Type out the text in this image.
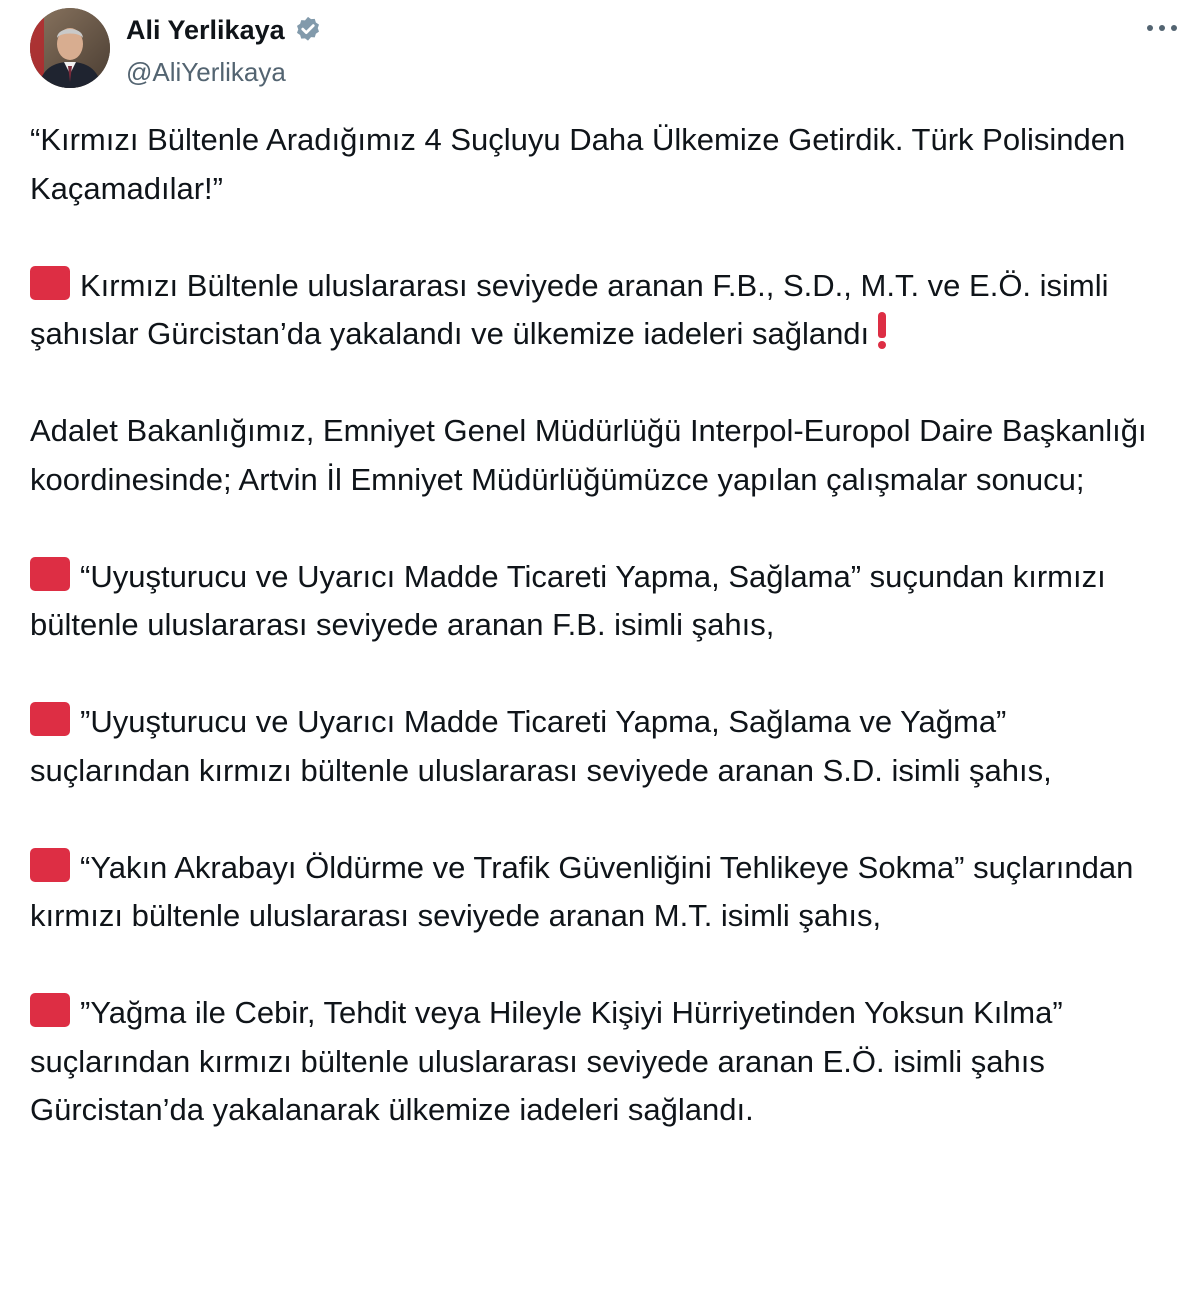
Ali Yerlikaya
@AliYerlikaya

“Kırmızı Bültenle Aradığımız 4 Suçluyu Daha Ülkemize Getirdik. Türk Polisinden Kaçamadılar!”

Kırmızı Bültenle uluslararası seviyede aranan F.B., S.D., M.T. ve E.Ö. isimli şahıslar Gürcistan’da yakalandı ve ülkemize iadeleri sağlandı

Adalet Bakanlığımız, Emniyet Genel Müdürlüğü Interpol-Europol Daire Başkanlığı koordinesinde; Artvin İl Emniyet Müdürlüğümüzce yapılan çalışmalar sonucu;

“Uyuşturucu ve Uyarıcı Madde Ticareti Yapma, Sağlama” suçundan kırmızı bültenle uluslararası seviyede aranan F.B. isimli şahıs,

”Uyuşturucu ve Uyarıcı Madde Ticareti Yapma, Sağlama ve Yağma” suçlarından kırmızı bültenle uluslararası seviyede aranan S.D. isimli şahıs,

“Yakın Akrabayı Öldürme ve Trafik Güvenliğini Tehlikeye Sokma” suçlarından kırmızı bültenle uluslararası seviyede aranan M.T. isimli şahıs,

”Yağma ile Cebir, Tehdit veya Hileyle Kişiyi Hürriyetinden Yoksun Kılma” suçlarından kırmızı bültenle uluslararası seviyede aranan E.Ö. isimli şahıs Gürcistan’da yakalanarak ülkemize iadeleri sağlandı.
